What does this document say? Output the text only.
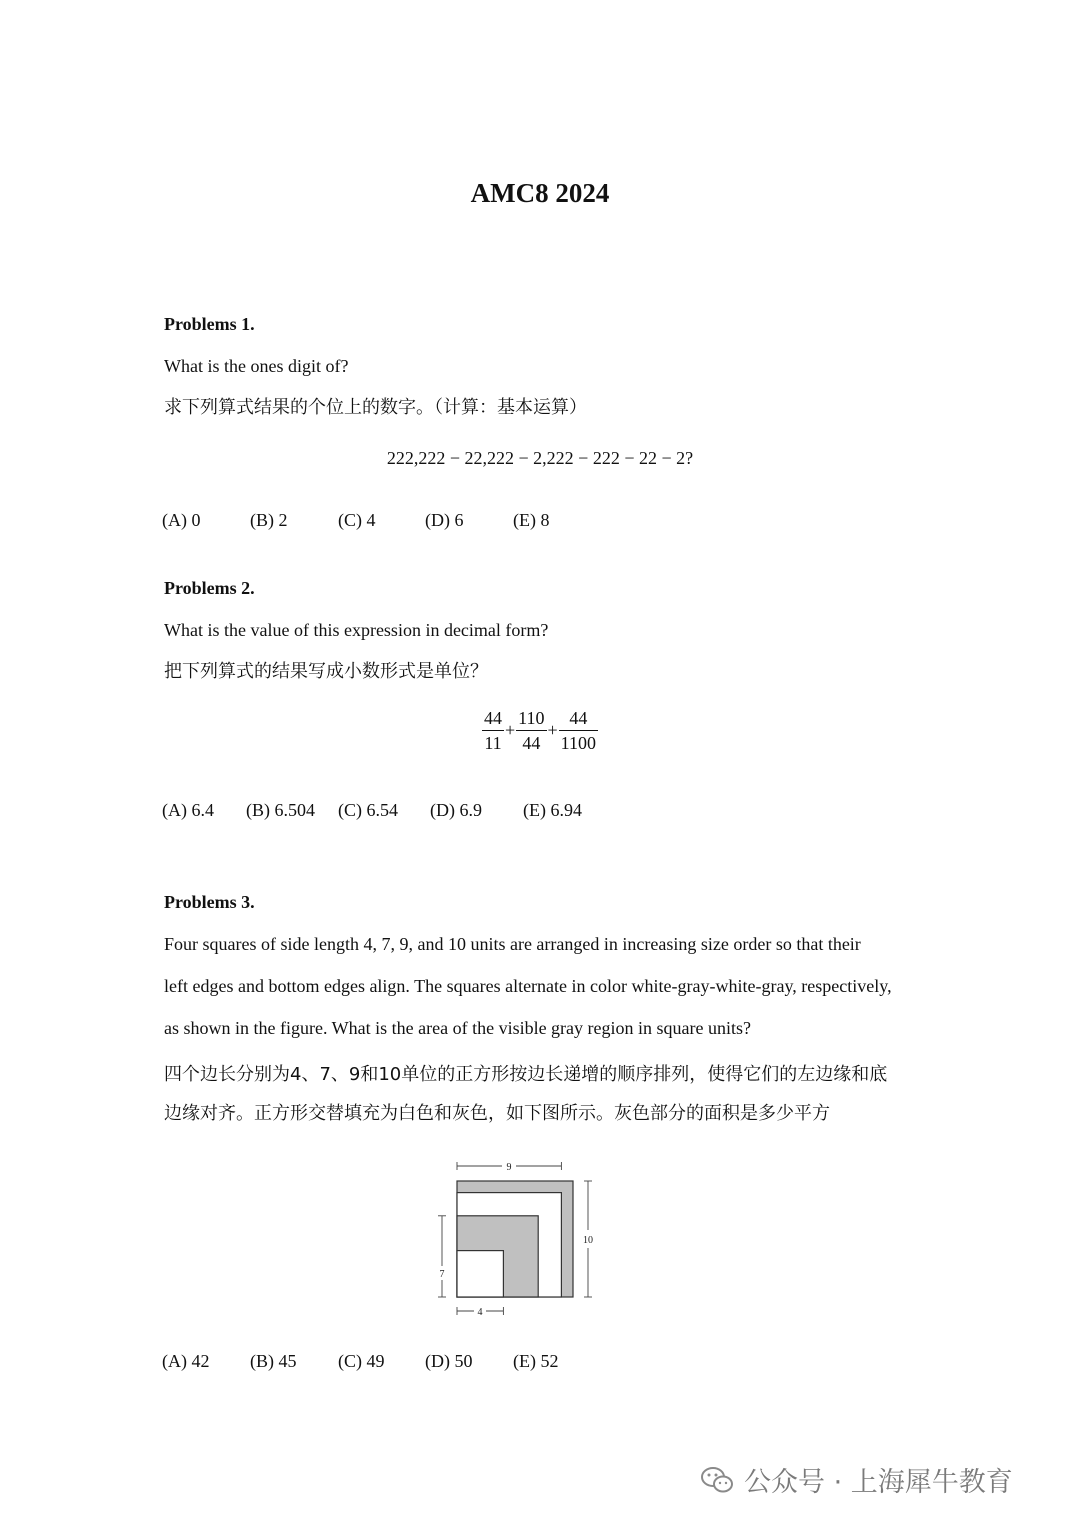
AMC8 2024
Problems 1.
What is the ones digit of?
求下列算式结果的个位上的数字。（计算：基本运算）
222,222 − 22,222 − 2,222 − 222 − 22 − 2?
(A) 0	(B) 2	(C) 4	(D) 6	(E) 8
Problems 2.
What is the value of this expression in decimal form?
把下列算式的结果写成小数形式是单位？
$\frac{44}{11} + \frac{110}{44} + \frac{44}{1100}$
(A) 6.4 (B) 6.504 (C) 6.54 (D) 6.9 (E) 6.94
Problems 3.
Four squares of side length 4, 7, 9, and 10 units are arranged in increasing size order so that their
left edges and bottom edges align. The squares alternate in color white-gray-white-gray, respectively,
as shown in the figure. What is the area of the visible gray region in square units?
四个边长分别为4、7、9和10单位的正方形按边长递增的顺序排列，使得它们的左边缘和底
边缘对齐。正方形交替填充为白色和灰色，如下图所示。灰色部分的面积是多少平方
9
10
7
4
(A) 42 (B) 45 (C) 49 (D) 50 (E) 52
公众号 · 上海犀牛教育
